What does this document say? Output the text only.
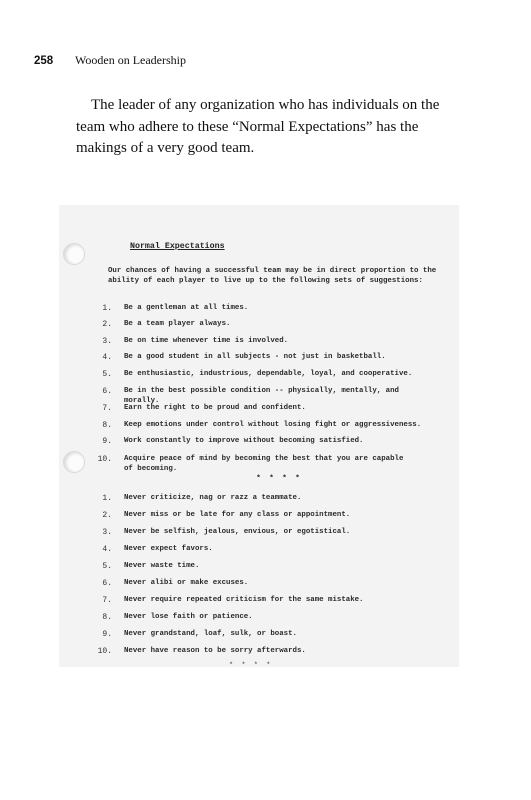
258 Wooden on Leadership

The leader of any organization who has individuals on the team who adhere to these “Normal Expectations” has the makings of a very good team.

Normal Expectations
Our chances of having a successful team may be in direct proportion to the ability of each player to live up to the following sets of suggestions:
1. Be a gentleman at all times.
2. Be a team player always.
3. Be on time whenever time is involved.
4. Be a good student in all subjects - not just in basketball.
5. Be enthusiastic, industrious, dependable, loyal, and cooperative.
6. Be in the best possible condition -- physically, mentally, and morally.
7. Earn the right to be proud and confident.
8. Keep emotions under control without losing fight or aggressiveness.
9. Work constantly to improve without becoming satisfied.
10. Acquire peace of mind by becoming the best that you are capable of becoming.
* * * *
1. Never criticize, nag or razz a teammate.
2. Never miss or be late for any class or appointment.
3. Never be selfish, jealous, envious, or egotistical.
4. Never expect favors.
5. Never waste time.
6. Never alibi or make excuses.
7. Never require repeated criticism for the same mistake.
8. Never lose faith or patience.
9. Never grandstand, loaf, sulk, or boast.
10. Never have reason to be sorry afterwards.
* * * *
